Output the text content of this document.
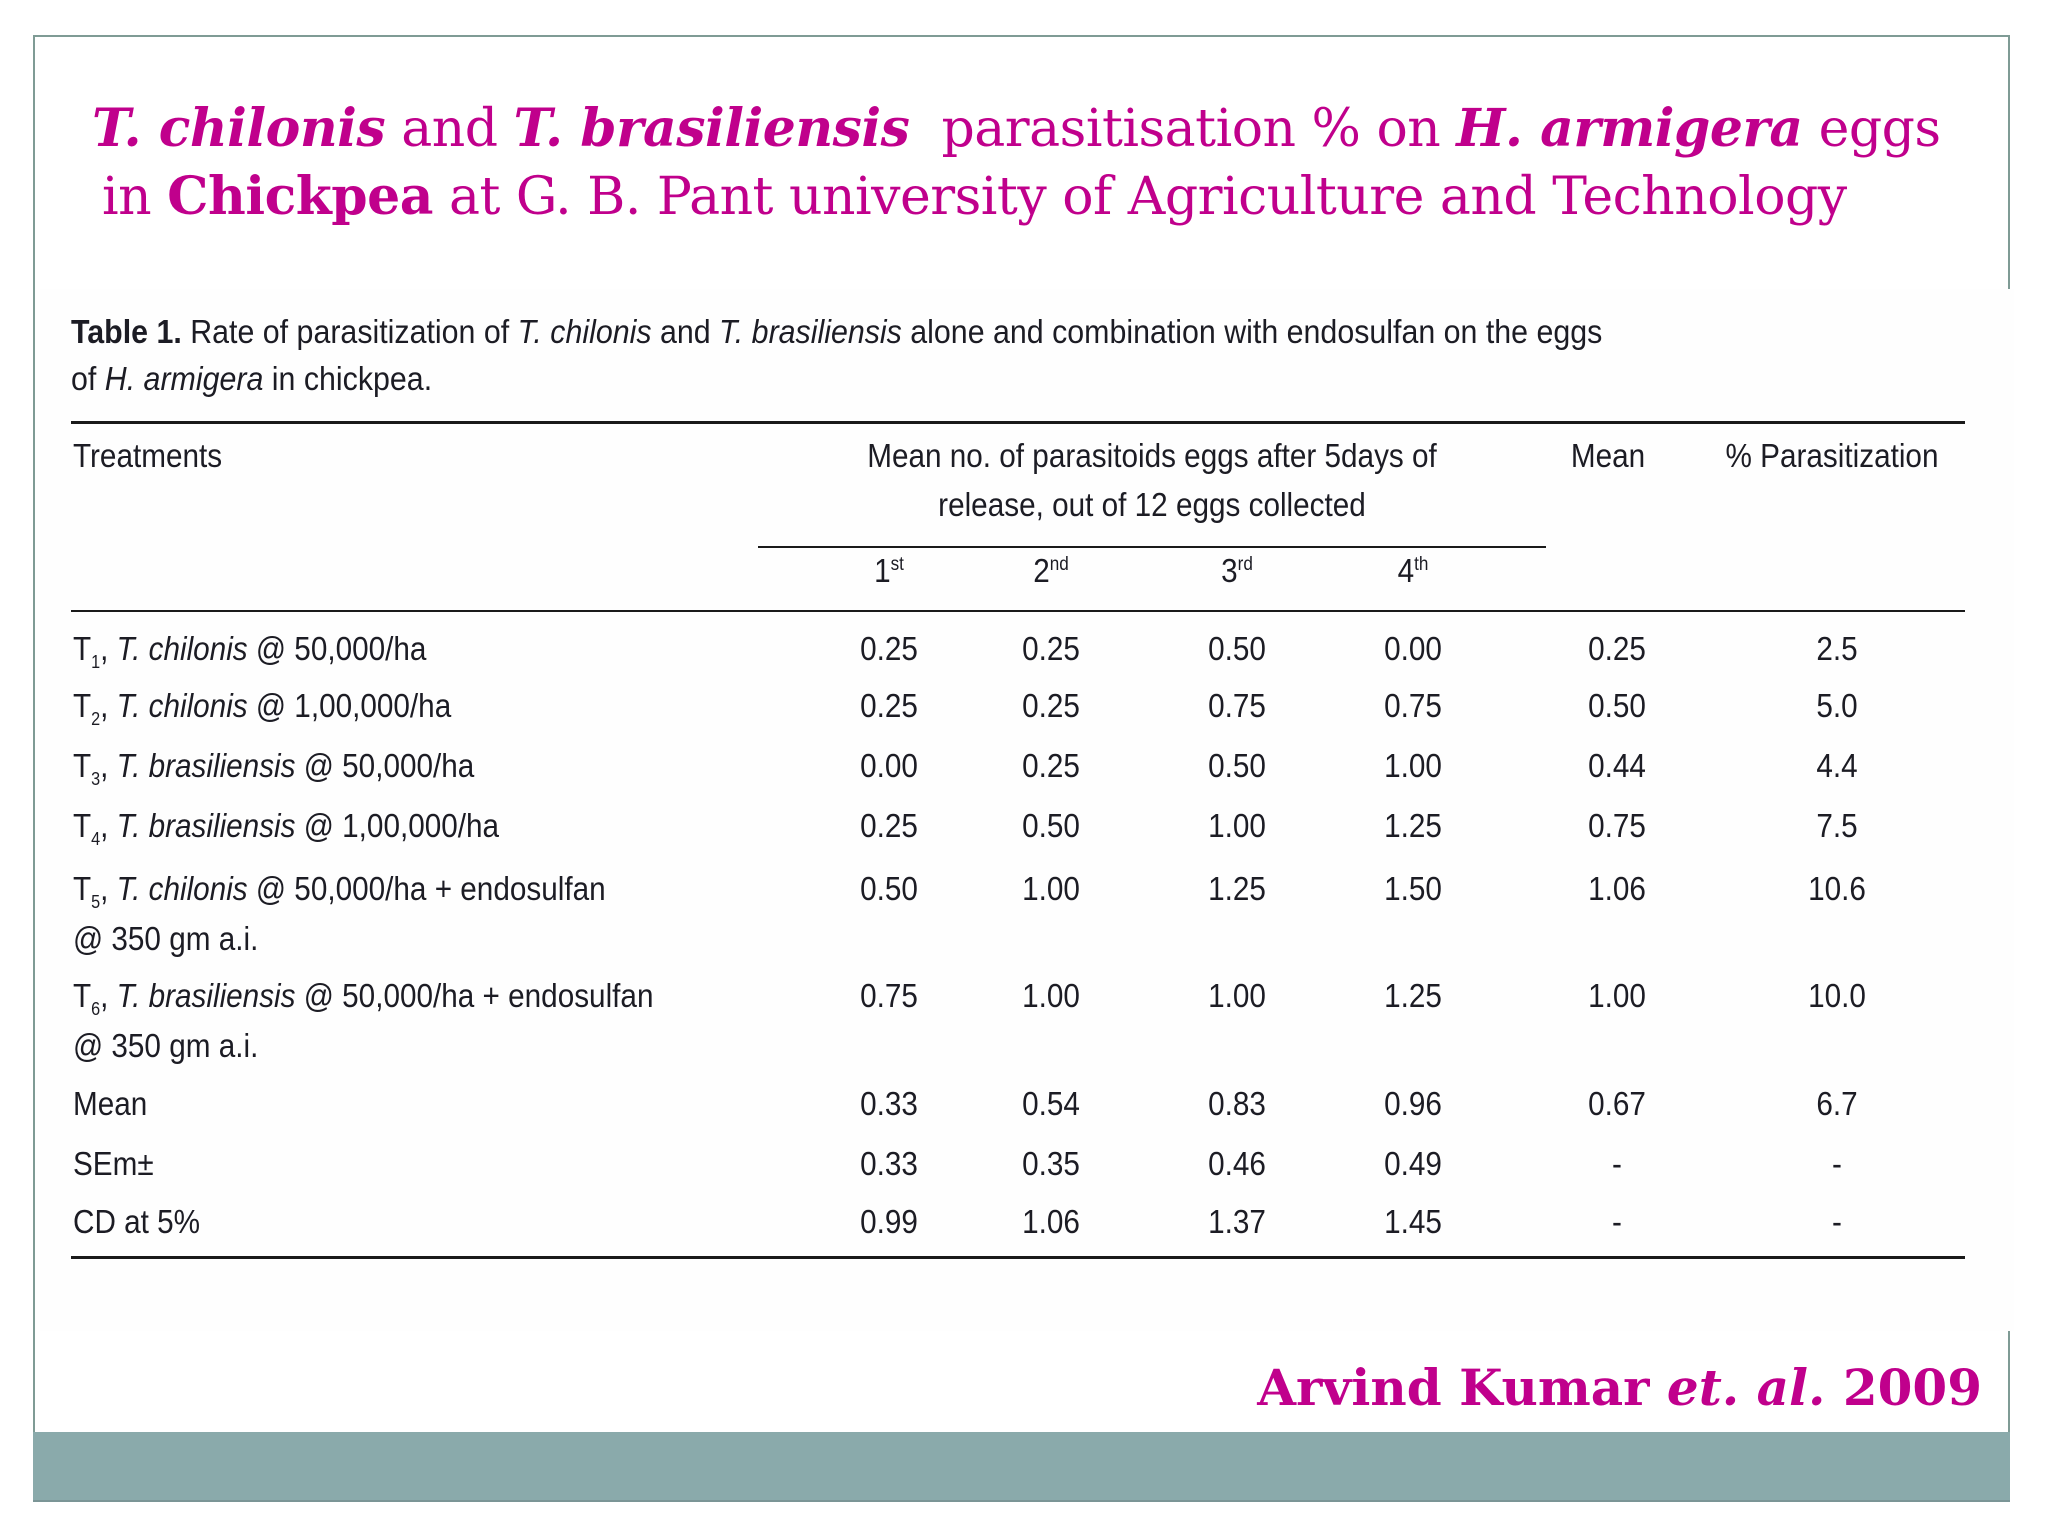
T. chilonis and T. brasiliensis  parasitisation % on H. armigera eggs
in Chickpea at G. B. Pant university of Agriculture and Technology
Table 1. Rate of parasitization of T. chilonis and T. brasiliensis alone and combination with endosulfan on the eggs
of H. armigera in chickpea.
Treatments	Mean no. of parasitoids eggs after 5days of
release, out of 12 eggs collected
Mean % Parasitization
1st	2nd	3rd	4th
$T_1$, T. chilonis @ 50,000/ha	0.25	0.25	0.50	0.00	0.25	2.5
$T_2$, T. chilonis @ 1,00,000/ha	0.25	0.25	0.75	0.75	0.50	5.0
$T_3$, T. brasiliensis @ 50,000/ha	0.00	0.25	0.50	1.00	0.44	4.4
$T_4$, T. brasiliensis @ 1,00,000/ha	0.25	0.50	1.00	1.25	0.75	7.5
$T_5$, T. chilonis @ 50,000/ha + endosulfan
@ 350 gm a.i.
0.50	1.00	1.25	1.50	1.06	10.6
$T_6$, T. brasiliensis @ 50,000/ha + endosulfan
@ 350 gm a.i.
0.75	1.00	1.00	1.25	1.00	10.0
Mean	0.33	0.54	0.83	0.96	0.67	6.7
SEm±	0.33	0.35	0.46	0.49	-	-
CD at 5%	0.99	1.06	1.37	1.45	-	-
Arvind Kumar et. al. 2009
